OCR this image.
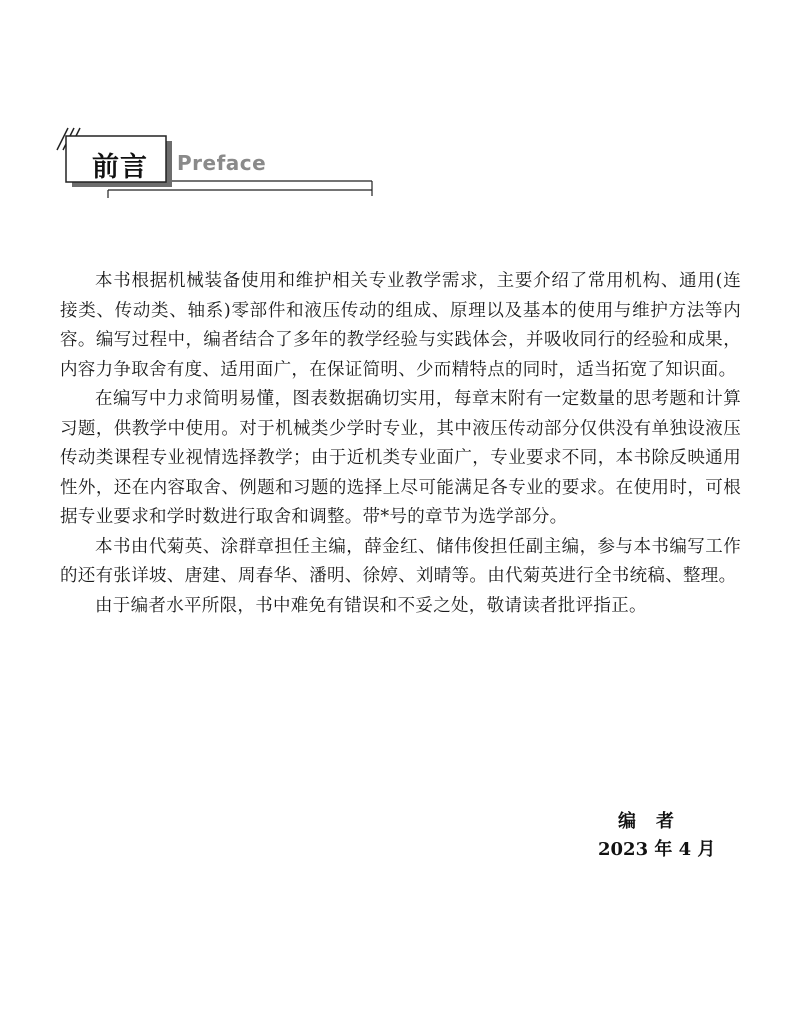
前言	Preface

本书根据机械装备使用和维护相关专业教学需求，主要介绍了常用机构、通用(连接类、传动类、轴系)零部件和液压传动的组成、原理以及基本的使用与维护方法等内容。编写过程中，编者结合了多年的教学经验与实践体会，并吸收同行的经验和成果，内容力争取舍有度、适用面广，在保证简明、少而精特点的同时，适当拓宽了知识面。

在编写中力求简明易懂，图表数据确切实用，每章末附有一定数量的思考题和计算习题，供教学中使用。对于机械类少学时专业，其中液压传动部分仅供没有单独设液压传动类课程专业视情选择教学；由于近机类专业面广，专业要求不同，本书除反映通用性外，还在内容取舍、例题和习题的选择上尽可能满足各专业的要求。在使用时，可根据专业要求和学时数进行取舍和调整。带*号的章节为选学部分。

本书由代菊英、涂群章担任主编，薛金红、储伟俊担任副主编，参与本书编写工作的还有张详坡、唐建、周春华、潘明、徐婷、刘晴等。由代菊英进行全书统稿、整理。

由于编者水平所限，书中难免有错误和不妥之处，敬请读者批评指正。

编者
2023 年 4 月
